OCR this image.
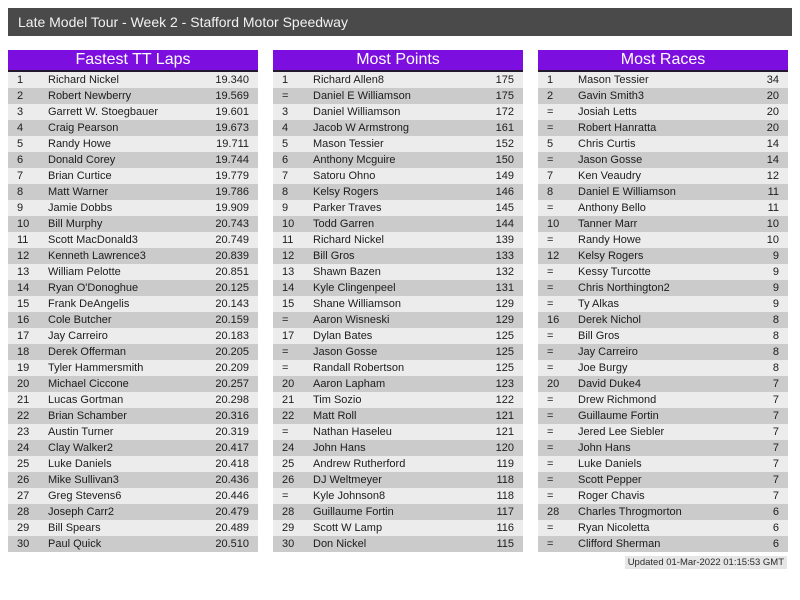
Late Model Tour - Week 2 - Stafford Motor Speedway
Fastest TT Laps
1	Richard Nickel	19.340
2	Robert Newberry	19.569
3	Garrett W. Stoegbauer	19.601
4	Craig Pearson	19.673
5	Randy Howe	19.711
6	Donald Corey	19.744
7	Brian Curtice	19.779
8	Matt Warner	19.786
9	Jamie Dobbs	19.909
10	Bill Murphy	20.743
11	Scott MacDonald3	20.749
12	Kenneth Lawrence3	20.839
13	William Pelotte	20.851
14	Ryan O'Donoghue	20.125
15	Frank DeAngelis	20.143
16	Cole Butcher	20.159
17	Jay Carreiro	20.183
18	Derek Offerman	20.205
19	Tyler Hammersmith	20.209
20	Michael Ciccone	20.257
21	Lucas Gortman	20.298
22	Brian Schamber	20.316
23	Austin Turner	20.319
24	Clay Walker2	20.417
25	Luke Daniels	20.418
26	Mike Sullivan3	20.436
27	Greg Stevens6	20.446
28	Joseph Carr2	20.479
29	Bill Spears	20.489
30	Paul Quick	20.510
Most Points
1	Richard Allen8	175
=	Daniel E Williamson	175
3	Daniel Williamson	172
4	Jacob W Armstrong	161
5	Mason Tessier	152
6	Anthony Mcguire	150
7	Satoru Ohno	149
8	Kelsy Rogers	146
9	Parker Traves	145
10	Todd Garren	144
11	Richard Nickel	139
12	Bill Gros	133
13	Shawn Bazen	132
14	Kyle Clingenpeel	131
15	Shane Williamson	129
=	Aaron Wisneski	129
17	Dylan Bates	125
=	Jason Gosse	125
=	Randall Robertson	125
20	Aaron Lapham	123
21	Tim Sozio	122
22	Matt Roll	121
=	Nathan Haseleu	121
24	John Hans	120
25	Andrew Rutherford	119
26	DJ Weltmeyer	118
=	Kyle Johnson8	118
28	Guillaume Fortin	117
29	Scott W Lamp	116
30	Don Nickel	115
Most Races
1	Mason Tessier	34
2	Gavin Smith3	20
=	Josiah Letts	20
=	Robert Hanratta	20
5	Chris Curtis	14
=	Jason Gosse	14
7	Ken Veaudry	12
8	Daniel E Williamson	11
=	Anthony Bello	11
10	Tanner Marr	10
=	Randy Howe	10
12	Kelsy Rogers	9
=	Kessy Turcotte	9
=	Chris Northington2	9
=	Ty Alkas	9
16	Derek Nichol	8
=	Bill Gros	8
=	Jay Carreiro	8
=	Joe Burgy	8
20	David Duke4	7
=	Drew Richmond	7
=	Guillaume Fortin	7
=	Jered Lee Siebler	7
=	John Hans	7
=	Luke Daniels	7
=	Scott Pepper	7
=	Roger Chavis	7
28	Charles Throgmorton	6
=	Ryan Nicoletta	6
=	Clifford Sherman	6
Updated 01-Mar-2022 01:15:53 GMT
